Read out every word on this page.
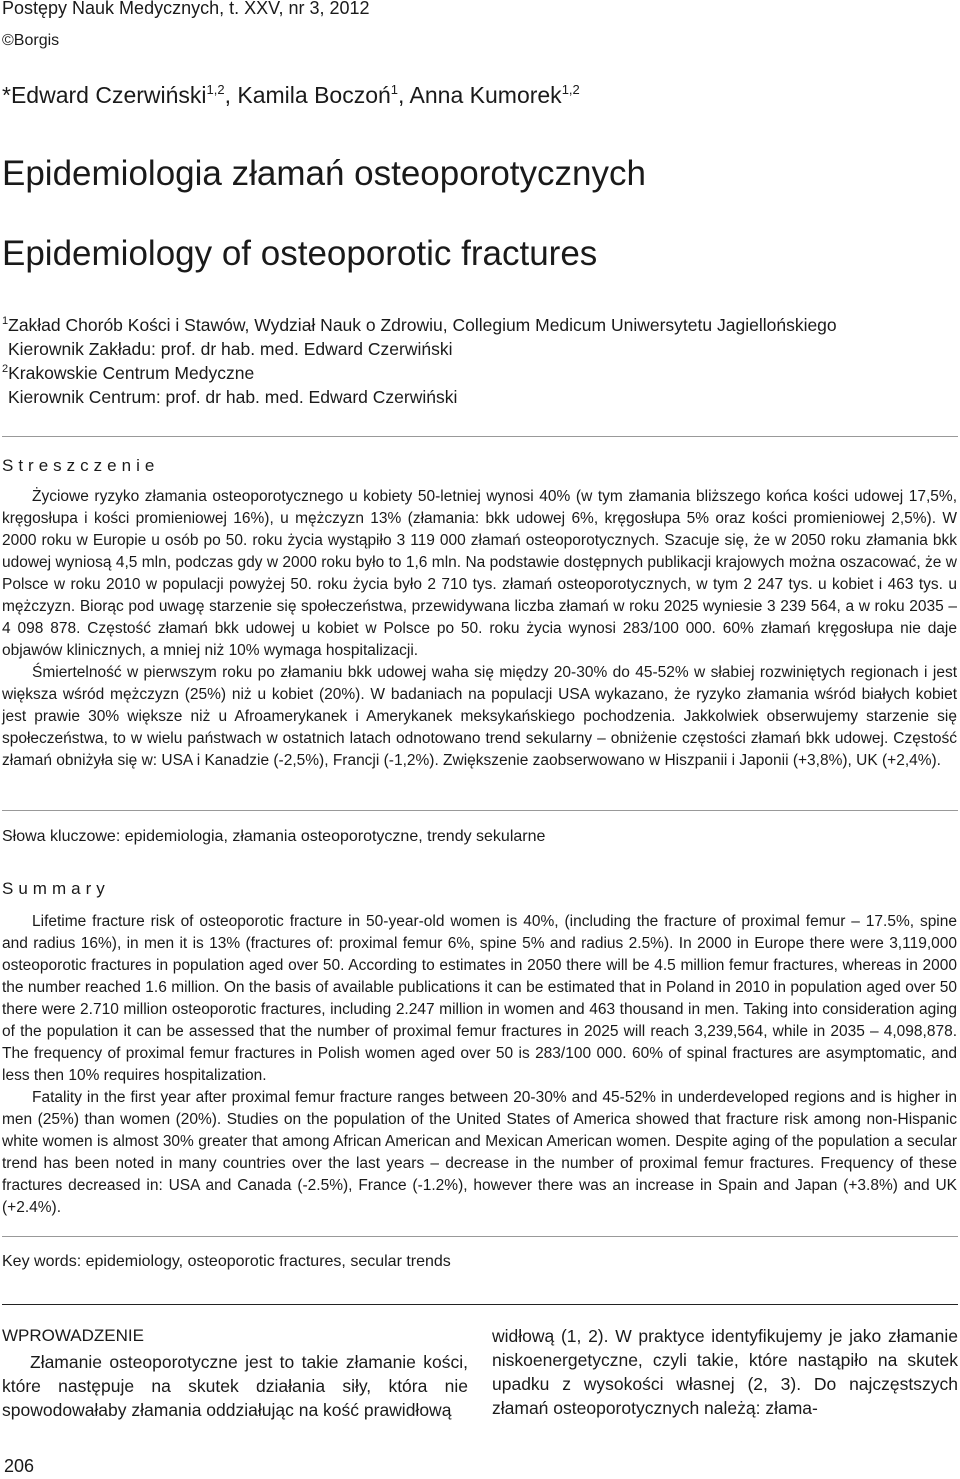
Postępy Nauk Medycznych, t. XXV, nr 3, 2012
©Borgis
*Edward Czerwiński$^{1,2}$, Kamila Boczoń$^1$, Anna Kumorek$^{1,2}$
Epidemiologia złamań osteoporotycznych
Epidemiology of osteoporotic fractures
$^1$Zakład Chorób Kości i Stawów, Wydział Nauk o Zdrowiu, Collegium Medicum Uniwersytetu Jagiellońskiego
Kierownik Zakładu: prof. dr hab. med. Edward Czerwiński
$^2$Krakowskie Centrum Medyczne
Kierownik Centrum: prof. dr hab. med. Edward Czerwiński
Streszczenie

Życiowe ryzyko złamania osteoporotycznego u kobiety 50-letniej wynosi 40% (w tym złamania bliższego końca kości udowej 17,5%, kręgosłupa i kości promieniowej 16%), u mężczyzn 13% (złamania: bkk udowej 6%, kręgosłupa 5% oraz kości promieniowej 2,5%). W 2000 roku w Europie u osób po 50. roku życia wystąpiło 3 119 000 złamań osteoporotycznych. Szacuje się, że w 2050 roku złamania bkk udowej wyniosą 4,5 mln, podczas gdy w 2000 roku było to 1,6 mln. Na podstawie dostępnych publikacji krajowych można oszacować, że w Polsce w roku 2010 w populacji powyżej 50. roku życia było 2 710 tys. złamań osteoporotycznych, w tym 2 247 tys. u kobiet i 463 tys. u mężczyzn. Biorąc pod uwagę starzenie się społeczeństwa, przewidywana liczba złamań w roku 2025 wyniesie 3 239 564, a w roku 2035 – 4 098 878. Częstość złamań bkk udowej u kobiet w Polsce po 50. roku życia wynosi 283/100 000. 60% złamań kręgosłupa nie daje objawów klinicznych, a mniej niż 10% wymaga hospitalizacji.

Śmiertelność w pierwszym roku po złamaniu bkk udowej waha się między 20-30% do 45-52% w słabiej rozwiniętych regionach i jest większa wśród mężczyzn (25%) niż u kobiet (20%). W badaniach na populacji USA wykazano, że ryzyko złamania wśród białych kobiet jest prawie 30% większe niż u Afroamerykanek i Amerykanek meksykańskiego pochodzenia. Jakkolwiek obserwujemy starzenie się społeczeństwa, to w wielu państwach w ostatnich latach odnotowano trend sekularny – obniżenie częstości złamań bkk udowej. Częstość złamań obniżyła się w: USA i Kanadzie (-2,5%), Francji (-1,2%). Zwiększenie zaobserwowano w Hiszpanii i Japonii (+3,8%), UK (+2,4%).

Słowa kluczowe: epidemiologia, złamania osteoporotyczne, trendy sekularne
Summary

Lifetime fracture risk of osteoporotic fracture in 50-year-old women is 40%, (including the fracture of proximal femur – 17.5%, spine and radius 16%), in men it is 13% (fractures of: proximal femur 6%, spine 5% and radius 2.5%). In 2000 in Europe there were 3,119,000 osteoporotic fractures in population aged over 50. According to estimates in 2050 there will be 4.5 million femur fractures, whereas in 2000 the number reached 1.6 million. On the basis of available publications it can be estimated that in Poland in 2010 in population aged over 50 there were 2.710 million osteoporotic fractures, including 2.247 million in women and 463 thousand in men. Taking into consideration aging of the population it can be assessed that the number of proximal femur fractures in 2025 will reach 3,239,564, while in 2035 – 4,098,878. The frequency of proximal femur fractures in Polish women aged over 50 is 283/100 000. 60% of spinal fractures are asymptomatic, and less then 10% requires hospitalization.

Fatality in the first year after proximal femur fracture ranges between 20-30% and 45-52% in underdeveloped regions and is higher in men (25%) than women (20%). Studies on the population of the United States of America showed that fracture risk among non-Hispanic white women is almost 30% greater that among African American and Mexican American women. Despite aging of the population a secular trend has been noted in many countries over the last years – decrease in the number of proximal femur fractures. Frequency of these fractures decreased in: USA and Canada (-2.5%), France (-1.2%), however there was an increase in Spain and Japan (+3.8%) and UK (+2.4%).

Key words: epidemiology, osteoporotic fractures, secular trends
WPROWADZENIE

Złamanie osteoporotyczne jest to takie złamanie kości, które następuje na skutek działania siły, która nie spowodowałaby złamania oddziałując na kość prawidłową

widłową (1, 2). W praktyce identyfikujemy je jako złamanie niskoenergetyczne, czyli takie, które nastąpiło na skutek upadku z wysokości własnej (2, 3). Do najczęstszych złamań osteoporotycznych należą: złama-

206
